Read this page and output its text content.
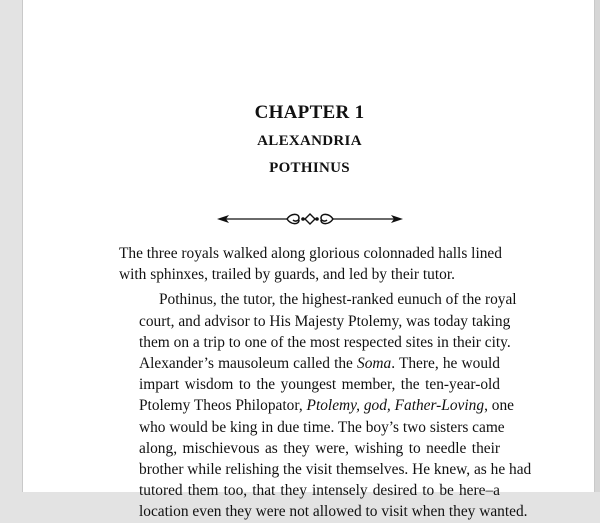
CHAPTER 1
ALEXANDRIA
POTHINUS

The three royals walked along glorious colonnaded halls lined
with sphinxes, trailed by guards, and led by their tutor.

Pothinus, the tutor, the highest-ranked eunuch of the royal
court, and advisor to His Majesty Ptolemy, was today taking
them on a trip to one of the most respected sites in their city.
Alexander’s mausoleum called the Soma. There, he would
impart wisdom to the youngest member, the ten-year-old
Ptolemy Theos Philopator, Ptolemy, god, Father-Loving, one
who would be king in due time. The boy’s two sisters came
along, mischievous as they were, wishing to needle their
brother while relishing the visit themselves. He knew, as he had
tutored them too, that they intensely desired to be here–a
location even they were not allowed to visit when they wanted.
